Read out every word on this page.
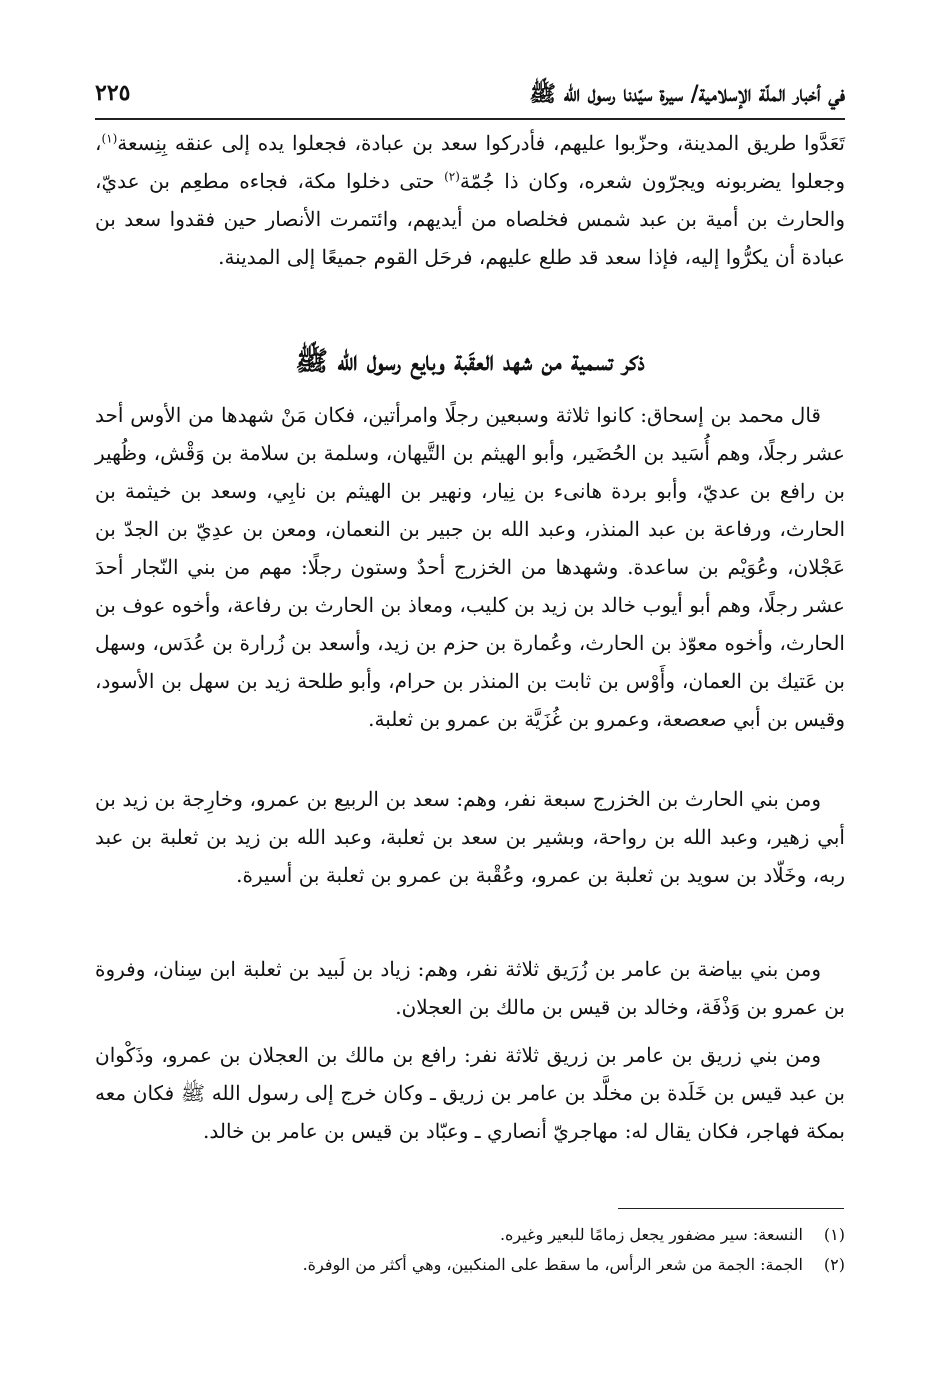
في أخبار الملّة الإسلامية/ سيرة سيّدنا رسول الله ﷺ
٢٢٥

تَعَدَّوا طريق المدينة، وحزّبوا عليهم، فأدركوا سعد بن عبادة، فجعلوا يده إلى عنقه بِنِسعة$^{(١)}$، وجعلوا يضربونه ويجرّون شعره، وكان ذا جُمّة$^{(٢)}$ حتى دخلوا مكة، فجاءه مطعِم بن عديّ، والحارث بن أمية بن عبد شمس فخلصاه من أيديهم، وائتمرت الأنصار حين فقدوا سعد بن عبادة أن يكرُّوا إليه، فإذا سعد قد طلع عليهم، فرحَل القوم جميعًا إلى المدينة.

ذكر تسمية من شهد العقَبة وبايع رسول الله ﷺ

قال محمد بن إسحاق: كانوا ثلاثة وسبعين رجلًا وامرأتين، فكان مَنْ شهدها من الأوس أحد عشر رجلًا، وهم أُسَيد بن الحُضَير، وأبو الهيثم بن التَّيهان، وسلمة بن سلامة بن وَقْش، وظُهير بن رافع بن عديّ، وأبو بردة هانىء بن نِيار، ونهير بن الهيثم بن نابِي، وسعد بن خيثمة بن الحارث، ورفاعة بن عبد المنذر، وعبد الله بن جبير بن النعمان، ومعن بن عدِيّ بن الجدّ بن عَجْلان، وعُوَيْم بن ساعدة. وشهدها من الخزرج أحدٌ وستون رجلًا: مهم من بني النّجار أحدَ عشر رجلًا، وهم أبو أيوب خالد بن زيد بن كليب، ومعاذ بن الحارث بن رفاعة، وأخوه عوف بن الحارث، وأخوه معوّذ بن الحارث، وعُمارة بن حزم بن زيد، وأسعد بن زُرارة بن عُدَس، وسهل بن عَتيك بن العمان، وأَوْس بن ثابت بن المنذر بن حرام، وأبو طلحة زيد بن سهل بن الأسود، وقيس بن أبي صعصعة، وعمرو بن غُزَيَّة بن عمرو بن ثعلبة.

ومن بني الحارث بن الخزرج سبعة نفر، وهم: سعد بن الربيع بن عمرو، وخارِجة بن زيد بن أبي زهير، وعبد الله بن رواحة، وبشير بن سعد بن ثعلبة، وعبد الله بن زيد بن ثعلبة بن عبد ربه، وخَلّاد بن سويد بن ثعلبة بن عمرو، وعُقْبة بن عمرو بن ثعلبة بن أسيرة.

ومن بني بياضة بن عامر بن زُرَيق ثلاثة نفر، وهم: زياد بن لَبيد بن ثعلبة ابن سِنان، وفروة بن عمرو بن وَذْفَة، وخالد بن قيس بن مالك بن العجلان.

ومن بني زريق بن عامر بن زريق ثلاثة نفر: رافع بن مالك بن العجلان بن عمرو، وذَكْوان بن عبد قيس بن خَلَدة بن مخلَّد بن عامر بن زريق ـ وكان خرج إلى رسول الله ﷺ فكان معه بمكة فهاجر، فكان يقال له: مهاجريّ أنصاري ـ وعبّاد بن قيس بن عامر بن خالد.

(١)النسعة: سير مضفور يجعل زمامًا للبعير وغيره.
(٢)الجمة: الجمة من شعر الرأس، ما سقط على المنكبين، وهي أكثر من الوفرة.
